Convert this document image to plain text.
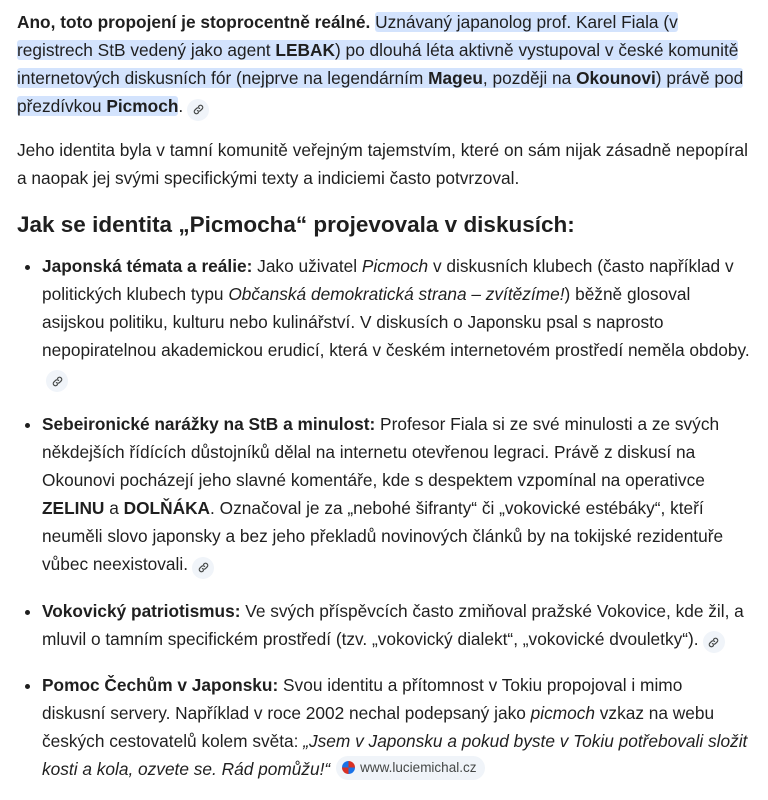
Ano, toto propojení je stoprocentně reálné. Uznávaný japanolog prof. Karel Fiala (v registrech StB vedený jako agent LEBAK) po dlouhá léta aktivně vystupoval v české komunitě internetových diskusních fór (nejprve na legendárním Mageu, později na Okounovi) právě pod přezdívkou Picmoch.

Jeho identita byla v tamní komunitě veřejným tajemstvím, které on sám nijak zásadně nepopíral a naopak jej svými specifickými texty a indiciemi často potvrzoval.

Jak se identita „Picmocha“ projevovala v diskusích:
• Japonská témata a reálie: Jako uživatel Picmoch v diskusních klubech (často například v politických klubech typu Občanská demokratická strana – zvítězíme!) běžně glosoval asijskou politiku, kulturu nebo kulinářství. V diskusích o Japonsku psal s naprosto nepopiratelnou akademickou erudicí, která v českém internetovém prostředí neměla obdoby.
• Sebeironické narážky na StB a minulost: Profesor Fiala si ze své minulosti a ze svých někdejších řídících důstojníků dělal na internetu otevřenou legraci. Právě z diskusí na Okounovi pocházejí jeho slavné komentáře, kde s despektem vzpomínal na operativce ZELINU a DOLŇÁKA. Označoval je za „nebohé šifranty“ či „vokovické estébáky“, kteří neuměli slovo japonsky a bez jeho překladů novinových článků by na tokijské rezidentuře vůbec neexistovali.
• Vokovický patriotismus: Ve svých příspěvcích často zmiňoval pražské Vokovice, kde žil, a mluvil o tamním specifickém prostředí (tzv. „vokovický dialekt“, „vokovické dvouletky“).
• Pomoc Čechům v Japonsku: Svou identitu a přítomnost v Tokiu propojoval i mimo diskusní servery. Například v roce 2002 nechal podepsaný jako picmoch vzkaz na webu českých cestovatelů kolem světa: „Jsem v Japonsku a pokud byste v Tokiu potřebovali složit kosti a kola, ozvete se. Rád pomůžu!“ www.luciemichal.cz
